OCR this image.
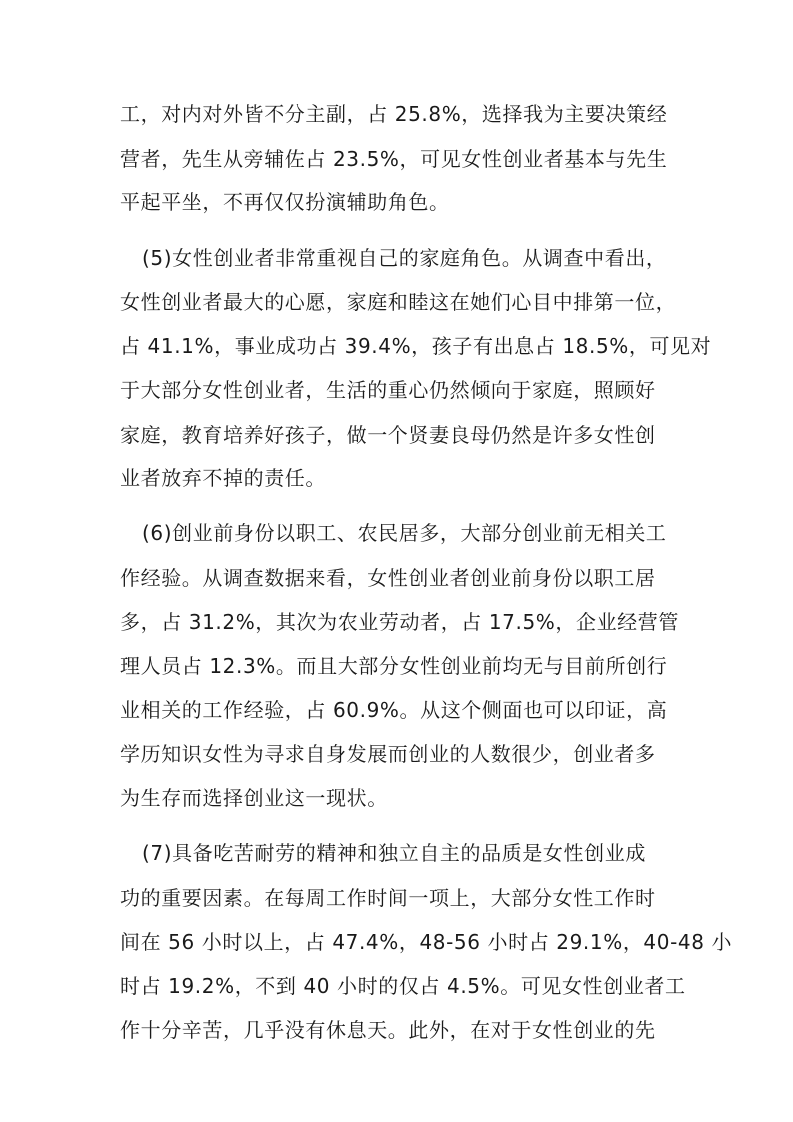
工，对内对外皆不分主副，占 25.8%，选择我为主要决策经
营者，先生从旁辅佐占 23.5%，可见女性创业者基本与先生
平起平坐，不再仅仅扮演辅助角色。
(5)女性创业者非常重视自己的家庭角色。从调查中看出，
女性创业者最大的心愿，家庭和睦这在她们心目中排第一位，
占 41.1%，事业成功占 39.4%，孩子有出息占 18.5%，可见对
于大部分女性创业者，生活的重心仍然倾向于家庭，照顾好
家庭，教育培养好孩子，做一个贤妻良母仍然是许多女性创
业者放弃不掉的责任。
(6)创业前身份以职工、农民居多，大部分创业前无相关工
作经验。从调查数据来看，女性创业者创业前身份以职工居
多，占 31.2%，其次为农业劳动者，占 17.5%，企业经营管
理人员占 12.3%。而且大部分女性创业前均无与目前所创行
业相关的工作经验，占 60.9%。从这个侧面也可以印证，高
学历知识女性为寻求自身发展而创业的人数很少，创业者多
为生存而选择创业这一现状。
(7)具备吃苦耐劳的精神和独立自主的品质是女性创业成
功的重要因素。在每周工作时间一项上，大部分女性工作时
间在 56 小时以上，占 47.4%，48-56 小时占 29.1%，40-48 小
时占 19.2%，不到 40 小时的仅占 4.5%。可见女性创业者工
作十分辛苦，几乎没有休息天。此外，在对于女性创业的先
